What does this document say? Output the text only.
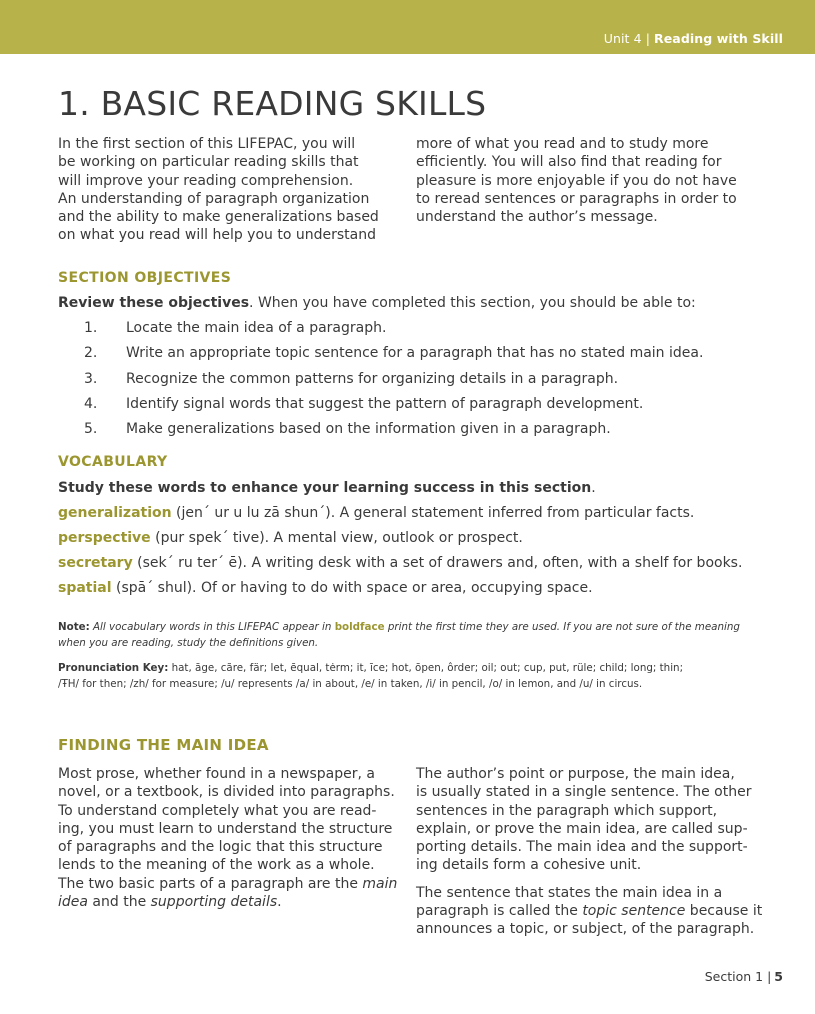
Unit 4 | Reading with Skill
1. BASIC READING SKILLS
In the first section of this LIFEPAC, you will
be working on particular reading skills that
will improve your reading comprehension.
An understanding of paragraph organization
and the ability to make generalizations based
on what you read will help you to understand
more of what you read and to study more
efficiently. You will also find that reading for
pleasure is more enjoyable if you do not have
to reread sentences or paragraphs in order to
understand the author’s message.
SECTION OBJECTIVES
Review these objectives. When you have completed this section, you should be able to:
1.	Locate the main idea of a paragraph.
2.	Write an appropriate topic sentence for a paragraph that has no stated main idea.
3.	Recognize the common patterns for organizing details in a paragraph.
4.	Identify signal words that suggest the pattern of paragraph development.
5.	Make generalizations based on the information given in a paragraph.
VOCABULARY
Study these words to enhance your learning success in this section.
generalization (jen´ ur u lu zā shun´). A general statement inferred from particular facts.
perspective (pur spek´ tive). A mental view, outlook or prospect.
secretary (sek´ ru ter´ ē). A writing desk with a set of drawers and, often, with a shelf for books.
spatial (spā´ shul). Of or having to do with space or area, occupying space.
Note: All vocabulary words in this LIFEPAC appear in boldface print the first time they are used. If you are not sure of the meaning when you are reading, study the definitions given.
Pronunciation Key: hat, āge, cãre, fär; let, ēqual, tėrm; it, īce; hot, ōpen, ôrder; oil; out; cup, put, rüle; child; long; thin;
/ŦH/ for then; /zh/ for measure; /u/ represents /a/ in about, /e/ in taken, /i/ in pencil, /o/ in lemon, and /u/ in circus.
FINDING THE MAIN IDEA
Most prose, whether found in a newspaper, a
novel, or a textbook, is divided into paragraphs.
To understand completely what you are read-
ing, you must learn to understand the structure
of paragraphs and the logic that this structure
lends to the meaning of the work as a whole.
The two basic parts of a paragraph are the main
idea and the supporting details.
The author’s point or purpose, the main idea,
is usually stated in a single sentence. The other
sentences in the paragraph which support,
explain, or prove the main idea, are called sup-
porting details. The main idea and the support-
ing details form a cohesive unit.
The sentence that states the main idea in a
paragraph is called the topic sentence because it
announces a topic, or subject, of the paragraph.
Section 1 | 5
